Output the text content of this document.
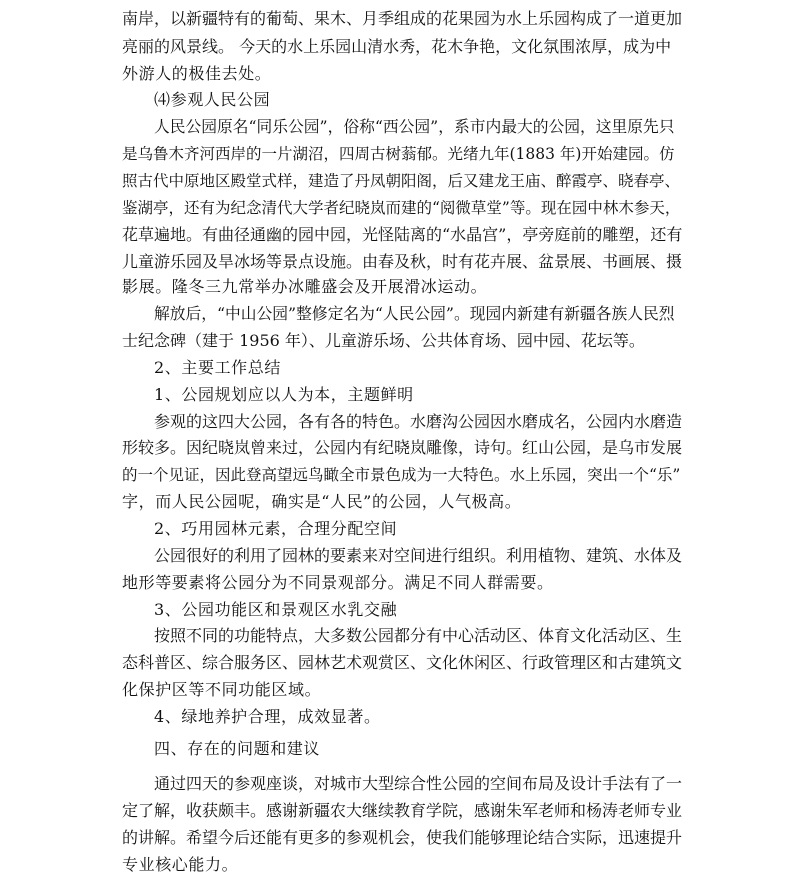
南岸，以新疆特有的葡萄、果木、月季组成的花果园为水上乐园构成了一道更加
亮丽的风景线。 今天的水上乐园山清水秀，花木争艳，文化氛围浓厚，成为中
外游人的极佳去处。
⑷参观人民公园
人民公园原名“同乐公园”，俗称“西公园”，系市内最大的公园，这里原先只
是乌鲁木齐河西岸的一片湖沼，四周古树蓊郁。光绪九年(1883 年)开始建园。仿
照古代中原地区殿堂式样，建造了丹凤朝阳阁，后又建龙王庙、醉霞亭、晓春亭、
鉴湖亭，还有为纪念清代大学者纪晓岚而建的“阅微草堂”等。现在园中林木参天，
花草遍地。有曲径通幽的园中园，光怪陆离的“水晶宫”，亭旁庭前的雕塑，还有
儿童游乐园及旱冰场等景点设施。由春及秋，时有花卉展、盆景展、书画展、摄
影展。隆冬三九常举办冰雕盛会及开展滑冰运动。
解放后，“中山公园”整修定名为“人民公园”。现园内新建有新疆各族人民烈
士纪念碑（建于 1956 年）、儿童游乐场、公共体育场、园中园、花坛等。
2、主要工作总结
1、公园规划应以人为本，主题鲜明
参观的这四大公园，各有各的特色。水磨沟公园因水磨成名，公园内水磨造
形较多。因纪晓岚曾来过，公园内有纪晓岚雕像，诗句。红山公园，是乌市发展
的一个见证，因此登高望远鸟瞰全市景色成为一大特色。水上乐园，突出一个“乐”
字，而人民公园呢，确实是“人民”的公园，人气极高。
2、巧用园林元素，合理分配空间
公园很好的利用了园林的要素来对空间进行组织。利用植物、建筑、水体及
地形等要素将公园分为不同景观部分。满足不同人群需要。
3、公园功能区和景观区水乳交融
按照不同的功能特点，大多数公园都分有中心活动区、体育文化活动区、生
态科普区、综合服务区、园林艺术观赏区、文化休闲区、行政管理区和古建筑文
化保护区等不同功能区域。
4、绿地养护合理，成效显著。
四、存在的问题和建议
通过四天的参观座谈，对城市大型综合性公园的空间布局及设计手法有了一
定了解，收获颇丰。感谢新疆农大继续教育学院，感谢朱军老师和杨涛老师专业
的讲解。希望今后还能有更多的参观机会，使我们能够理论结合实际，迅速提升
专业核心能力。
